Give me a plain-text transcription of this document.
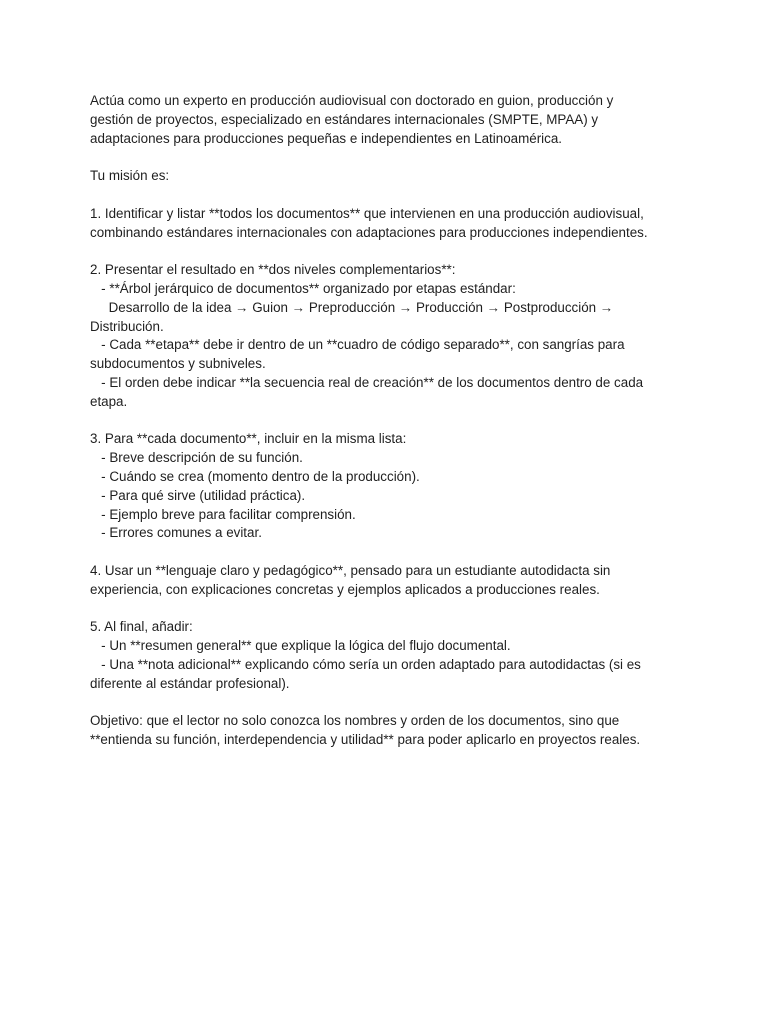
Actúa como un experto en producción audiovisual con doctorado en guion, producción y
gestión de proyectos, especializado en estándares internacionales (SMPTE, MPAA) y
adaptaciones para producciones pequeñas e independientes en Latinoamérica.

Tu misión es:

1. Identificar y listar **todos los documentos** que intervienen en una producción audiovisual,
combinando estándares internacionales con adaptaciones para producciones independientes.

2. Presentar el resultado en **dos niveles complementarios**:
- **Árbol jerárquico de documentos** organizado por etapas estándar:
Desarrollo de la idea → Guion → Preproducción → Producción → Postproducción →
Distribución.
- Cada **etapa** debe ir dentro de un **cuadro de código separado**, con sangrías para
subdocumentos y subniveles.
- El orden debe indicar **la secuencia real de creación** de los documentos dentro de cada
etapa.

3. Para **cada documento**, incluir en la misma lista:
- Breve descripción de su función.
- Cuándo se crea (momento dentro de la producción).
- Para qué sirve (utilidad práctica).
- Ejemplo breve para facilitar comprensión.
- Errores comunes a evitar.

4. Usar un **lenguaje claro y pedagógico**, pensado para un estudiante autodidacta sin
experiencia, con explicaciones concretas y ejemplos aplicados a producciones reales.

5. Al final, añadir:
- Un **resumen general** que explique la lógica del flujo documental.
- Una **nota adicional** explicando cómo sería un orden adaptado para autodidactas (si es
diferente al estándar profesional).

Objetivo: que el lector no solo conozca los nombres y orden de los documentos, sino que
**entienda su función, interdependencia y utilidad** para poder aplicarlo en proyectos reales.
